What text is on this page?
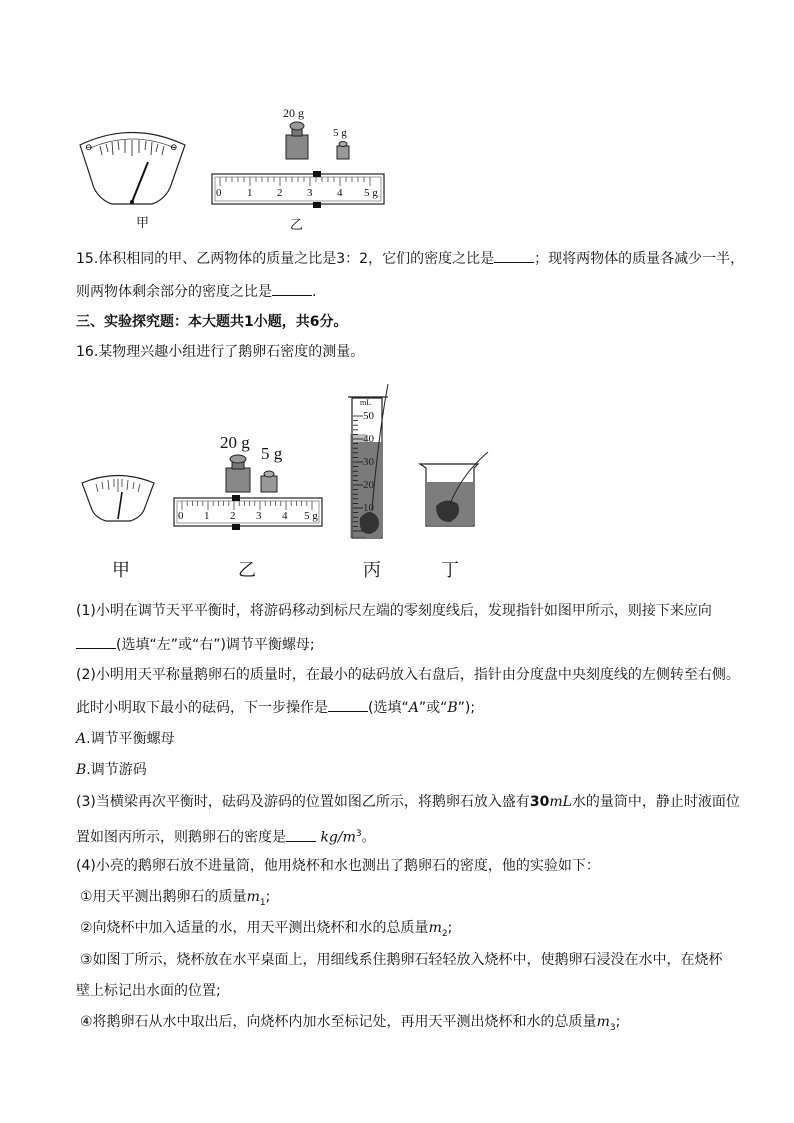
⊖	⊖
20 g
5 g
0 1 2 3 4 5 g
甲	乙
15.体积相同的甲、乙两物体的质量之比是3：2，它们的密度之比是	；现将两物体的质量各减少一半，
则两物体剩余部分的密度之比是	.
三、实验探究题：本大题共1小题，共6分。
16.某物理兴趣小组进行了鹅卵石密度的测量。
20 g
5 g
0 1 2 3 4 5 g
mL
50
40
30
20
10
甲	乙	丙	丁
(1)小明在调节天平平衡时，将游码移动到标尺左端的零刻度线后，发现指针如图甲所示，则接下来应向
(选填“左”或“右”)调节平衡螺母;
(2)小明用天平称量鹅卵石的质量时，在最小的砝码放入右盘后，指针由分度盘中央刻度线的左侧转至右侧。
此时小明取下最小的砝码，下一步操作是	(选填“A”或“B”);
A.调节平衡螺母
B.调节游码
(3)当横梁再次平衡时，砝码及游码的位置如图乙所示，将鹅卵石放入盛有30mL水的量筒中，静止时液面位
置如图丙所示，则鹅卵石的密度是 $kg/m^3$。
(4)小亮的鹅卵石放不进量筒，他用烧杯和水也测出了鹅卵石的密度，他的实验如下：
①用天平测出鹅卵石的质量$m_1$;
②向烧杯中加入适量的水，用天平测出烧杯和水的总质量$m_2$;
③如图丁所示，烧杯放在水平桌面上，用细线系住鹅卵石轻轻放入烧杯中，使鹅卵石浸没在水中，在烧杯
壁上标记出水面的位置;
④将鹅卵石从水中取出后，向烧杯内加水至标记处，再用天平测出烧杯和水的总质量$m_3$;
